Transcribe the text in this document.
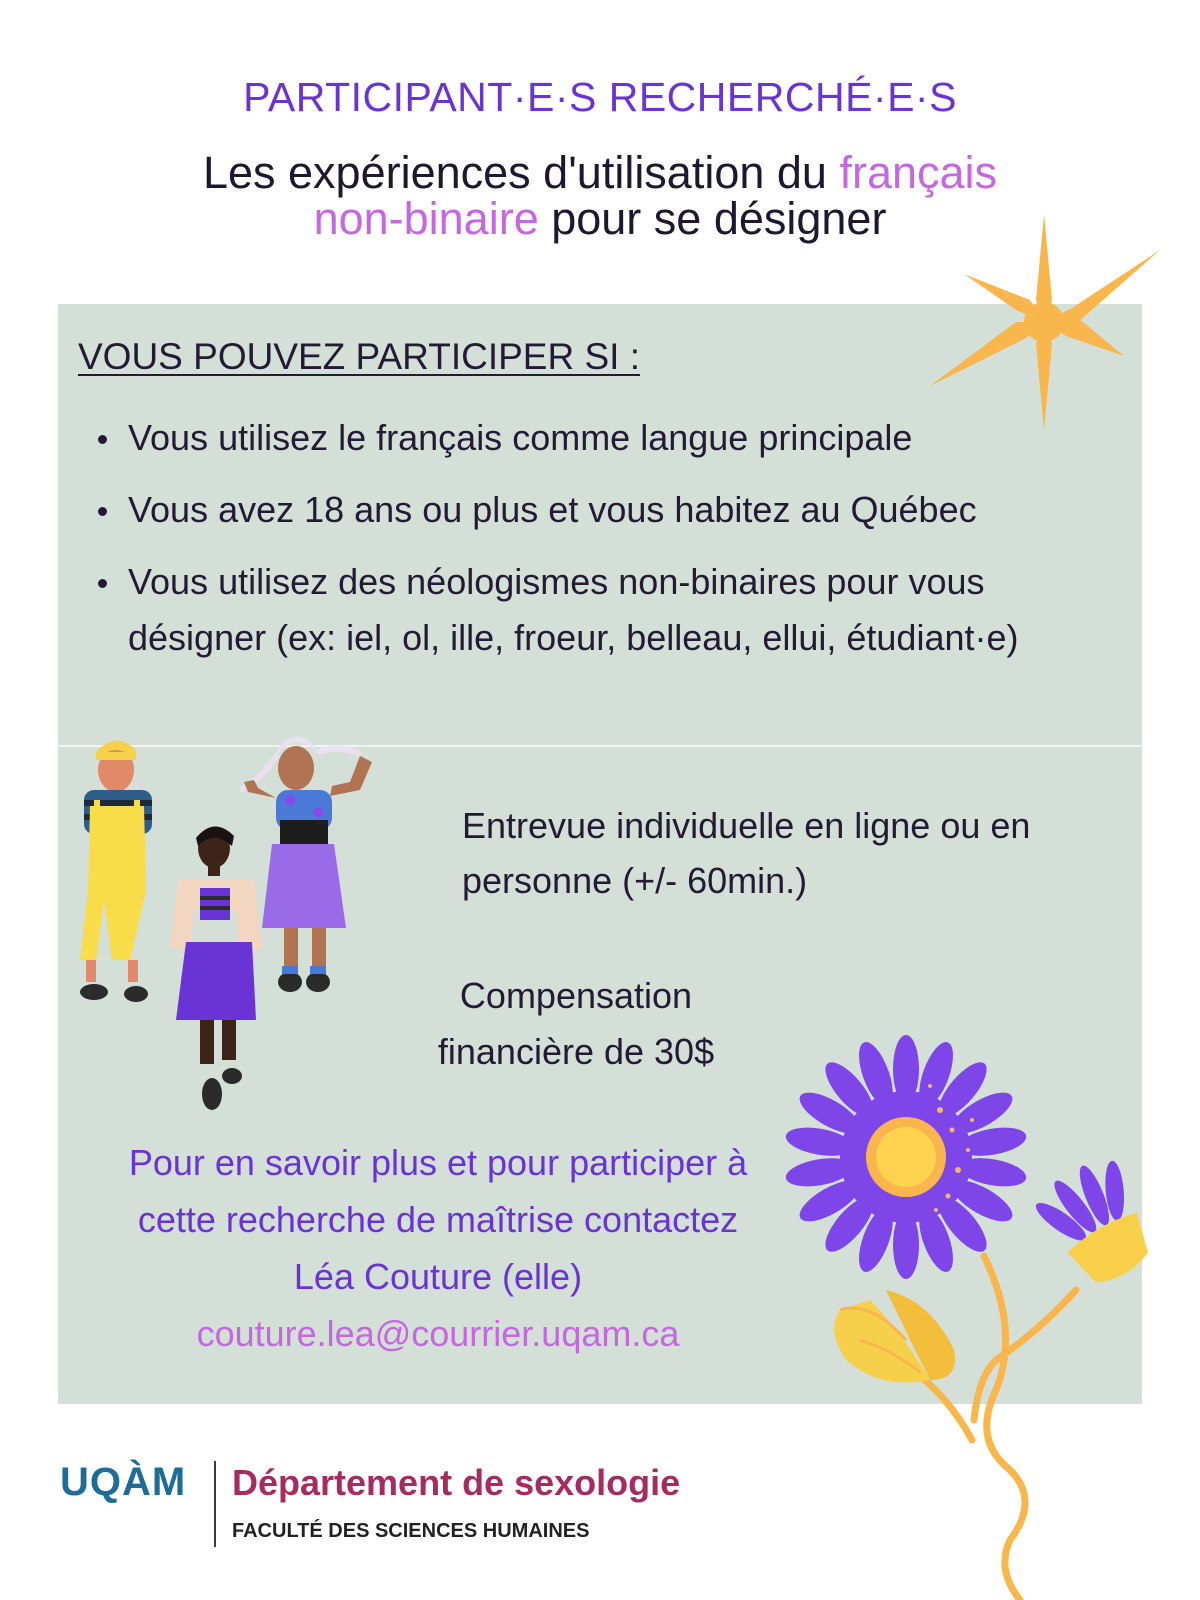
PARTICIPANT·E·S RECHERCHÉ·E·S
Les expériences d'utilisation du français
non-binaire pour se désigner
VOUS POUVEZ PARTICIPER SI :
Vous utilisez le français comme langue principale
Vous avez 18 ans ou plus et vous habitez au Québec
Vous utilisez des néologismes non-binaires pour vous désigner (ex: iel, ol, ille, froeur, belleau, ellui, étudiant·e)
Entrevue individuelle en ligne ou en personne (+/- 60min.)
Compensation
financière de 30$
Pour en savoir plus et pour participer à
cette recherche de maîtrise contactez
Léa Couture (elle)
couture.lea@courrier.uqam.ca
UQÀM Département de sexologie
FACULTÉ DES SCIENCES HUMAINES
